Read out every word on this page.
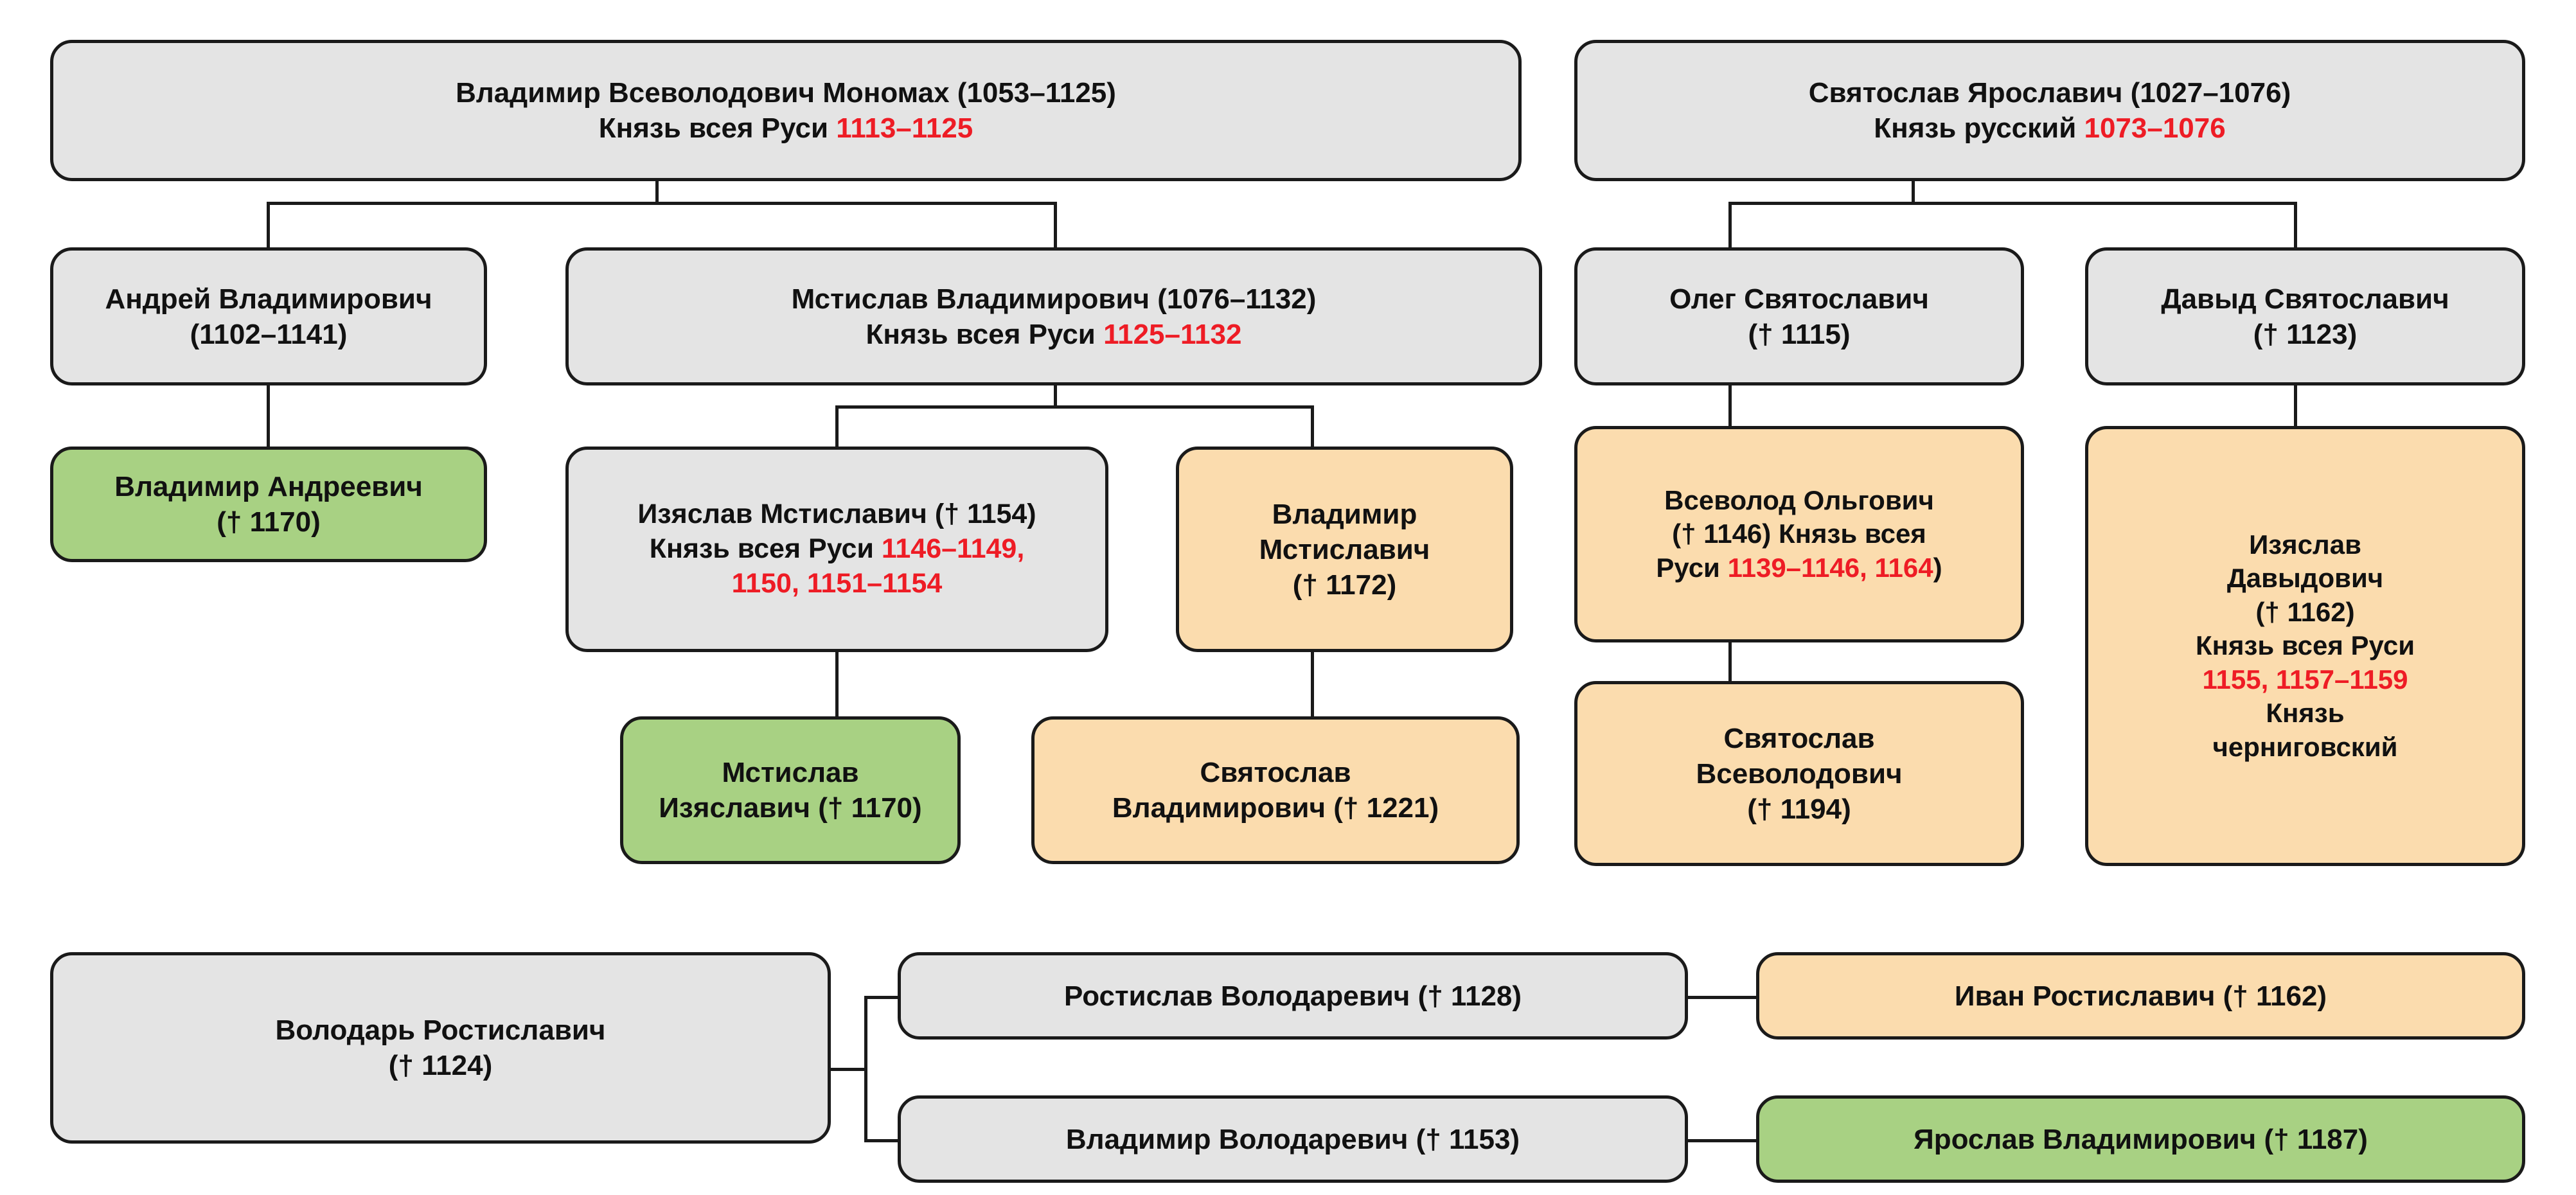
Владимир Всеволодович Мономах (1053–1125)
Князь всея Руси 1113–1125
Святослав Ярославич (1027–1076)
Князь русский 1073–1076
Андрей Владимирович
(1102–1141)
Мстислав Владимирович (1076–1132)
Князь всея Руси 1125–1132
Олег Святославич
(† 1115)
Давыд Святославич
(† 1123)
Владимир Андреевич
(† 1170)	Изяслав Мстиславич († 1154)
Князь всея Руси 1146–1149,
1150, 1151–1154
Владимир
Мстиславич
(† 1172)
Всеволод Ольгович
(† 1146) Князь всея
Руси 1139–1146, 1164)
Изяслав
Давыдович
(† 1162)
Князь всея Руси
1155, 1157–1159
Князь
черниговский
Мстислав
Изяславич († 1170)
Святослав
Владимирович († 1221)
Святослав
Всеволодович
(† 1194)
Володарь Ростиславич
(† 1124)
Ростислав Володаревич († 1128)
Владимир Володаревич († 1153)
Иван Ростиславич († 1162)
Ярослав Владимирович († 1187)
